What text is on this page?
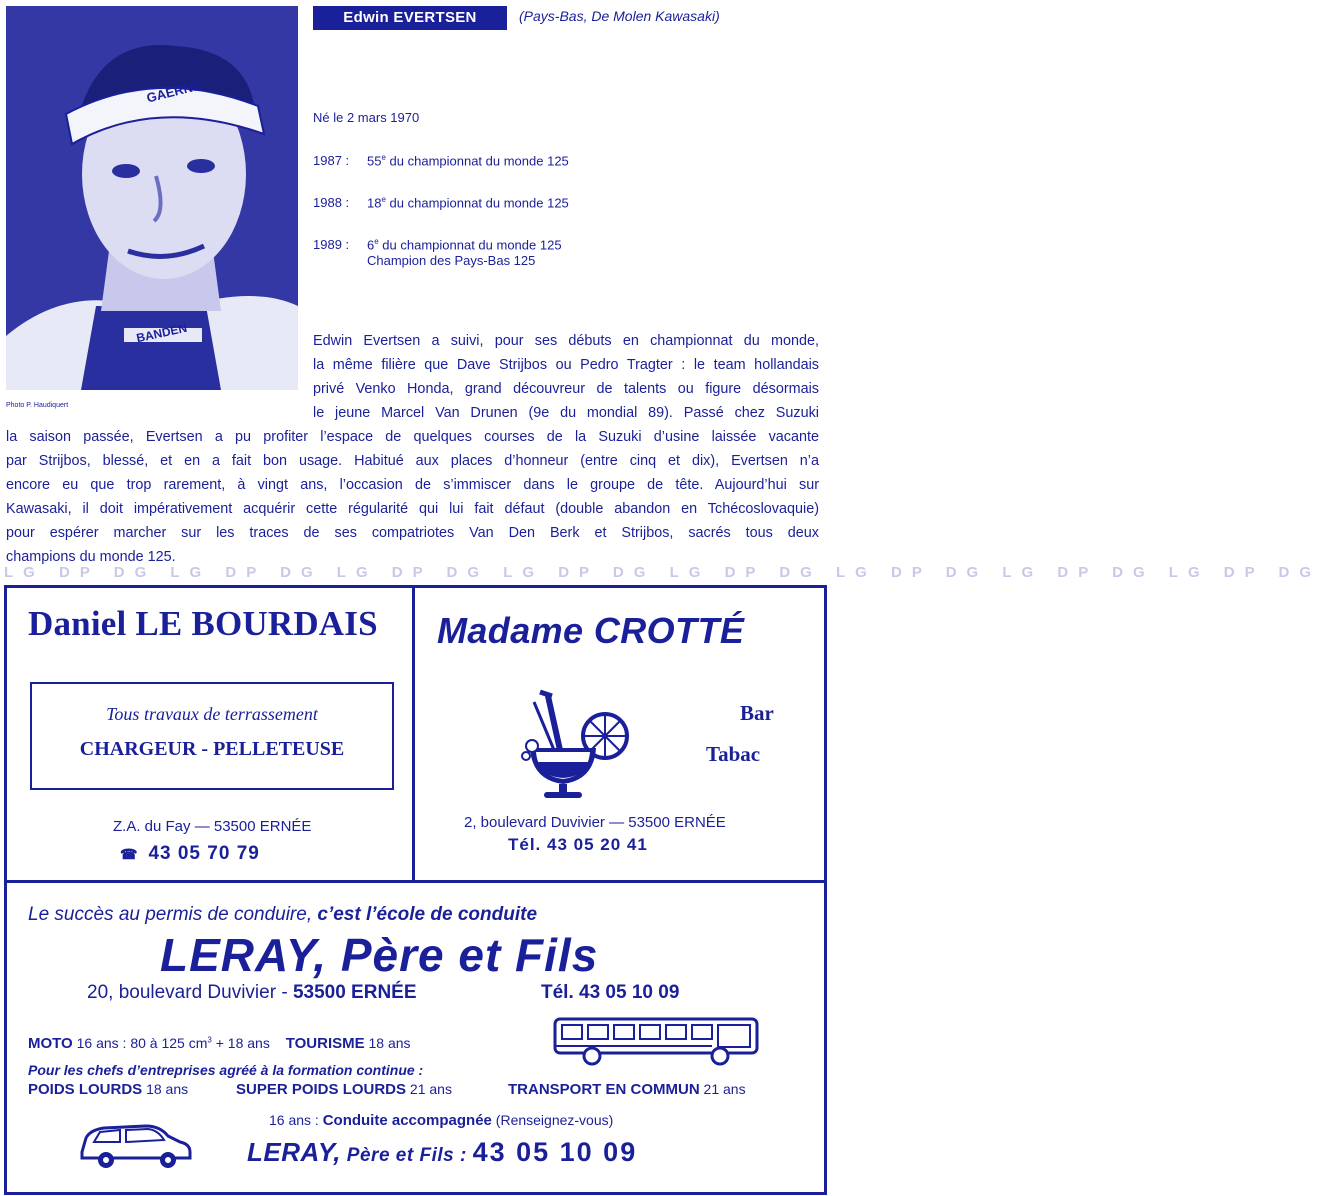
GAERNE
BANDEN
Photo P. Haudiquert
Edwin EVERTSEN	(Pays-Bas, De Molen Kawasaki)
Né le 2 mars 1970
1987 : 55e du championnat du monde 125
1988 : 18e du championnat du monde 125
1989 : 6e du championnat du monde 125
Champion des Pays-Bas 125
Edwin Evertsen a suivi, pour ses débuts en championnat du monde,
la même filière que Dave Strijbos ou Pedro Tragter : le team hollandais
privé Venko Honda, grand découvreur de talents ou figure désormais
le jeune Marcel Van Drunen (9e du mondial 89). Passé chez Suzuki
la saison passée, Evertsen a pu profiter l’espace de quelques courses de la Suzuki d’usine laissée vacante
par Strijbos, blessé, et en a fait bon usage. Habitué aux places d’honneur (entre cinq et dix), Evertsen n’a
encore eu que trop rarement, à vingt ans, l’occasion de s’immiscer dans le groupe de tête. Aujourd’hui sur
Kawasaki, il doit impérativement acquérir cette régularité qui lui fait défaut (double abandon en Tchécoslovaquie)
pour espérer marcher sur les traces de ses compatriotes Van Den Berk et Strijbos, sacrés tous deux
champions du monde 125.
LG DP DG LG DP DG LG DP DG LG DP DG LG DP DG LG DP DG LG DP DG LG DP DG
Daniel LE BOURDAIS
Tous travaux de terrassement
CHARGEUR - PELLETEUSE
Z.A. du Fay — 53500 ERNÉE
☎ 43 05 70 79
Madame CROTTÉ
Bar
Tabac
2, boulevard Duvivier — 53500 ERNÉE
Tél. 43 05 20 41
Le succès au permis de conduire, c’est l’école de conduite
LERAY, Père et Fils
20, boulevard Duvivier - 53500 ERNÉE	Tél. 43 05 10 09
MOTO 16 ans : 80 à 125 $cm^3 + 18$ ans TOURISME 18 ans
Pour les chefs d’entreprises agréé à la formation continue :
POIDS LOURDS 18 ans	SUPER POIDS LOURDS 21 ans	TRANSPORT EN COMMUN 21 ans
16 ans : Conduite accompagnée (Renseignez-vous)
LERAY, Père et Fils : 43 05 10 09
